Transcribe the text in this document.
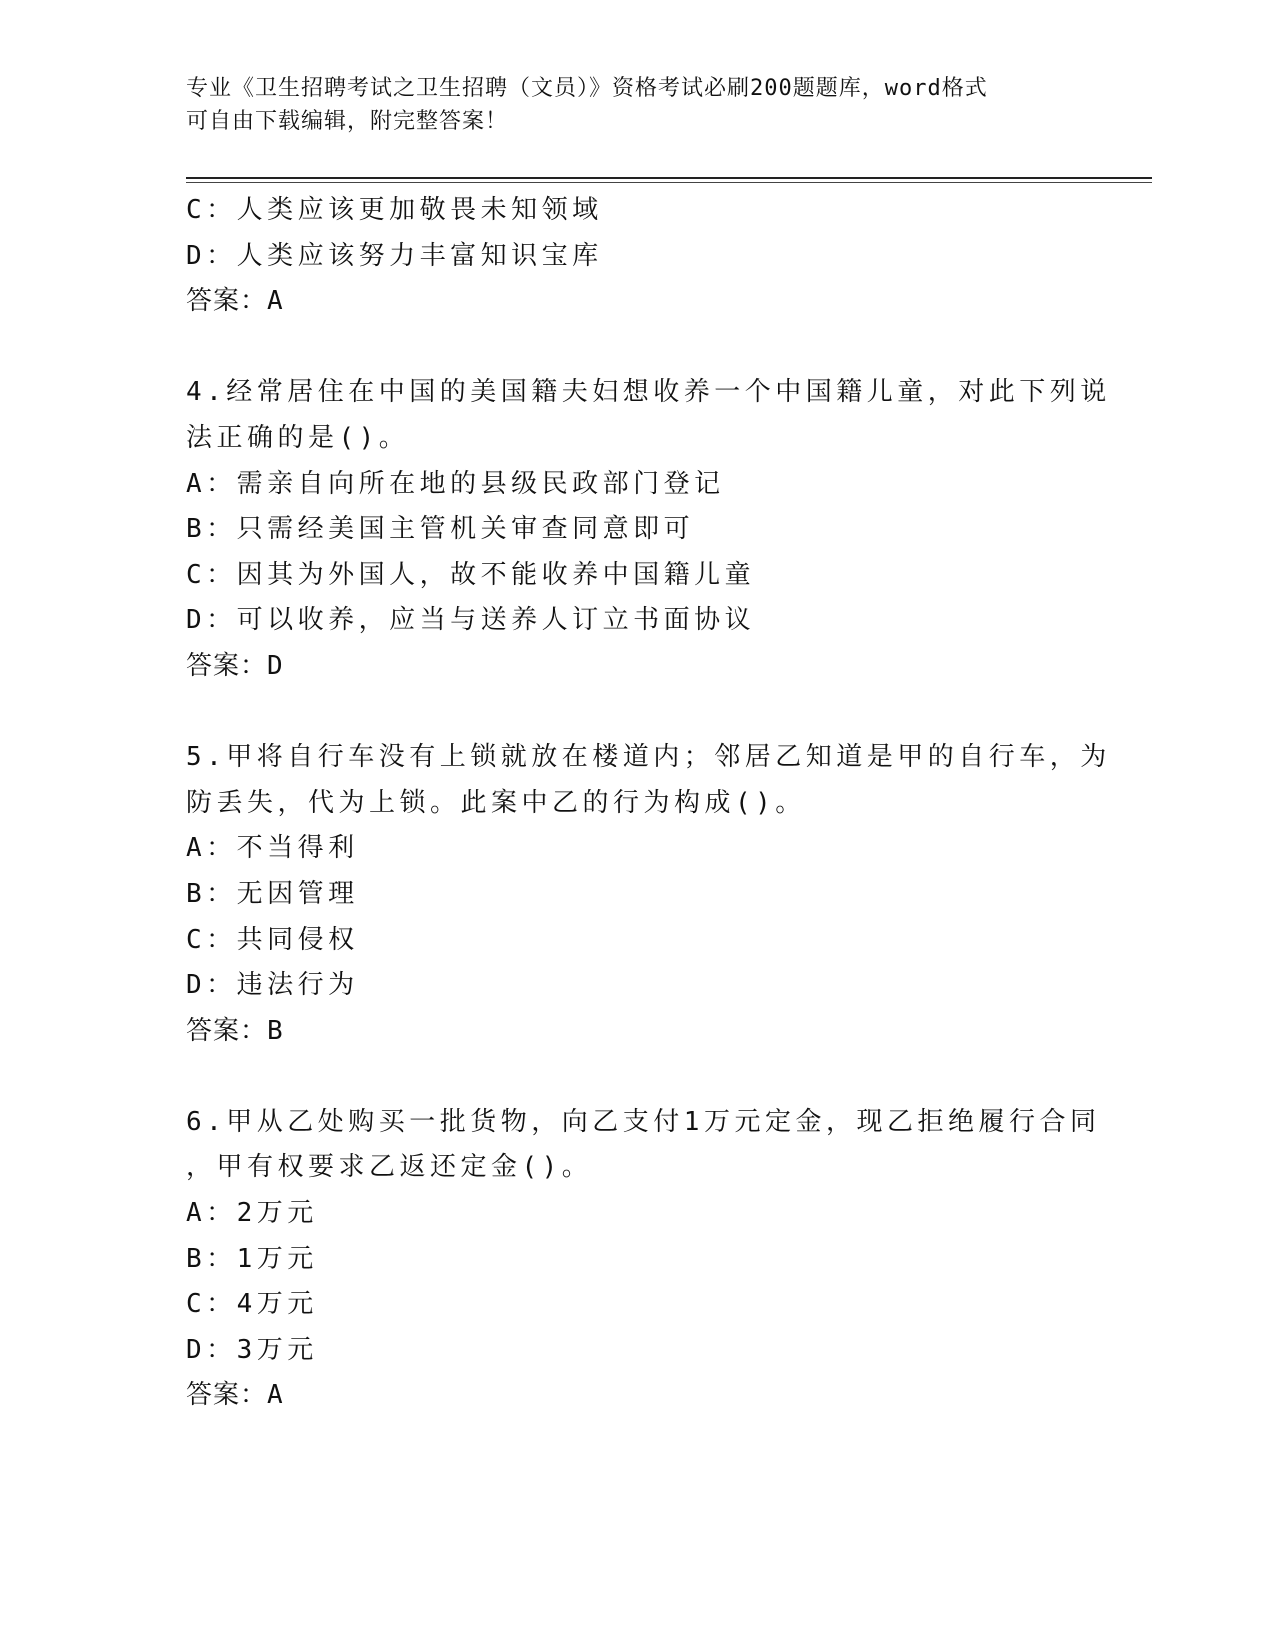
专业《卫生招聘考试之卫生招聘（文员）》资格考试必刷200题题库，word格式
可自由下载编辑，附完整答案！
C：人类应该更加敬畏未知领域
D：人类应该努力丰富知识宝库
答案：A
4.经常居住在中国的美国籍夫妇想收养一个中国籍儿童，对此下列说
法正确的是()。
A：需亲自向所在地的县级民政部门登记
B：只需经美国主管机关审查同意即可
C：因其为外国人，故不能收养中国籍儿童
D：可以收养，应当与送养人订立书面协议
答案：D
5.甲将自行车没有上锁就放在楼道内；邻居乙知道是甲的自行车，为
防丢失，代为上锁。此案中乙的行为构成()。
A：不当得利
B：无因管理
C：共同侵权
D：违法行为
答案：B
6.甲从乙处购买一批货物，向乙支付1万元定金，现乙拒绝履行合同
，甲有权要求乙返还定金()。
A：2万元
B：1万元
C：4万元
D：3万元
答案：A
